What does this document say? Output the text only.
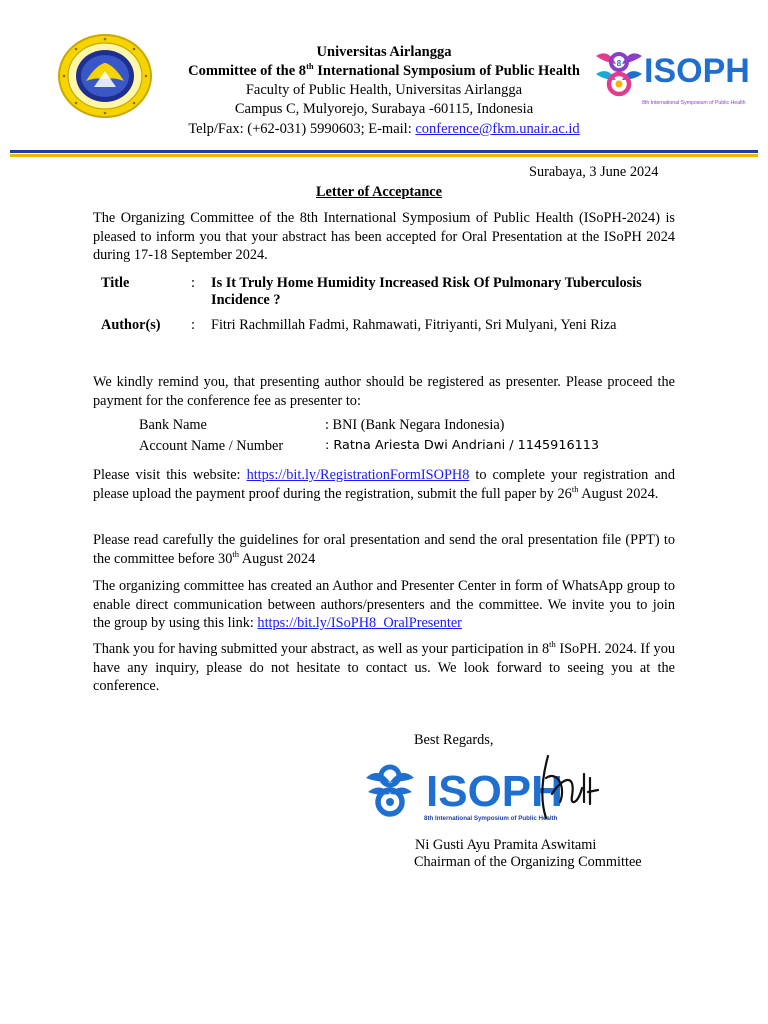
Universitas Airlangga
Committee of the 8th International Symposium of Public Health
Faculty of Public Health, Universitas Airlangga
Campus C, Mulyorejo, Surabaya -60115, Indonesia
Telp/Fax: (+62-031) 5990603; E-mail: conference@fkm.unair.ac.id
8 ISOPH
8th International Symposium of Public Health
Surabaya, 3 June 2024
Letter of Acceptance
The Organizing Committee of the 8th International Symposium of Public Health (ISoPH-2024) is pleased to inform you that your abstract has been accepted for Oral Presentation at the ISoPH 2024 during 17-18 September 2024.
Title	: Is It Truly Home Humidity Increased Risk Of Pulmonary Tuberculosis Incidence ?
Author(s) : Fitri Rachmillah Fadmi, Rahmawati, Fitriyanti, Sri Mulyani, Yeni Riza
We kindly remind you, that presenting author should be registered as presenter. Please proceed the payment for the conference fee as presenter to:
Bank Name	: BNI (Bank Negara Indonesia)
Account Name / Number	: Ratna Ariesta Dwi Andriani / 1145916113
Please visit this website: https://bit.ly/RegistrationFormISOPH8 to complete your registration and please upload the payment proof during the registration, submit the full paper by 26th August 2024.
Please read carefully the guidelines for oral presentation and send the oral presentation file (PPT) to the committee before 30th August 2024
The organizing committee has created an Author and Presenter Center in form of WhatsApp group to enable direct communication between authors/presenters and the committee. We invite you to join the group by using this link: https://bit.ly/ISoPH8_OralPresenter
Thank you for having submitted your abstract, as well as your participation in 8th ISoPH. 2024. If you have any inquiry, please do not hesitate to contact us. We look forward to seeing you at the conference.
Best Regards,
8 ISOPH
8th International Symposium of Public Health
Ni Gusti Ayu Pramita Aswitami
Chairman of the Organizing Committee
